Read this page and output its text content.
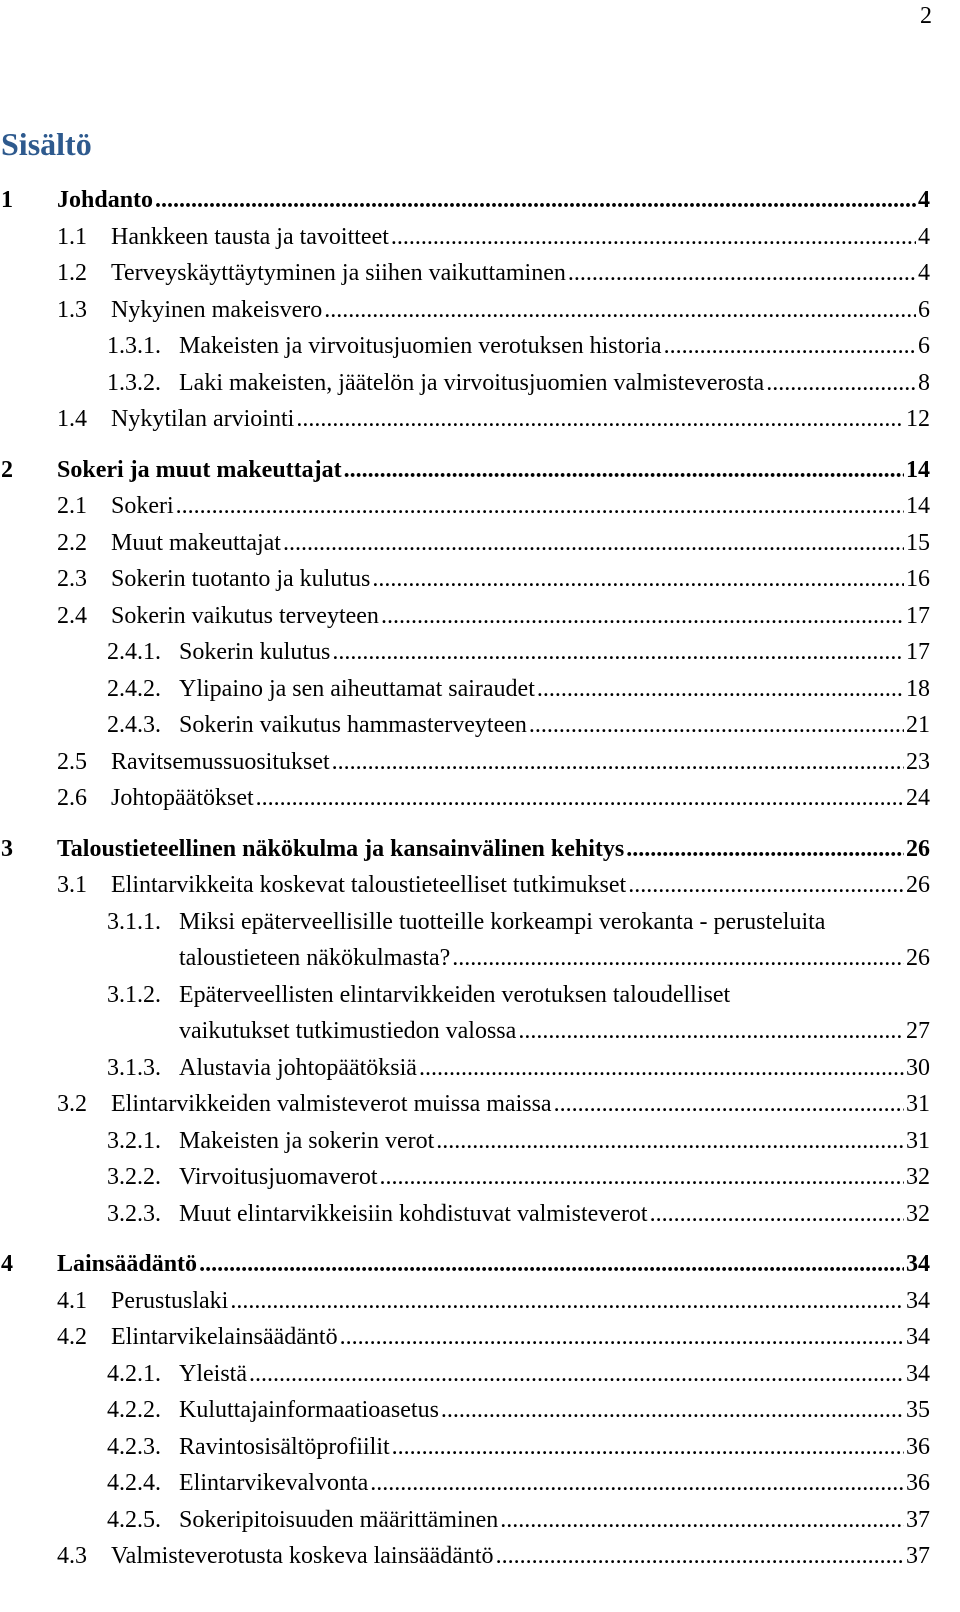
2
Sisältö
1 Johdanto .....	4
1.1 Hankkeen tausta ja tavoitteet .....	4
1.2 Terveyskäyttäytyminen ja siihen vaikuttaminen .....	4
1.3 Nykyinen makeisvero .....	6
1.3.1. Makeisten ja virvoitusjuomien verotuksen historia .....	6
1.3.2. Laki makeisten, jäätelön ja virvoitusjuomien valmisteverosta .....	8
1.4 Nykytilan arviointi .....	12
2 Sokeri ja muut makeuttajat .....	14
2.1 Sokeri .....	14
2.2 Muut makeuttajat .....	15
2.3 Sokerin tuotanto ja kulutus .....	16
2.4 Sokerin vaikutus terveyteen .....	17
2.4.1. Sokerin kulutus .....	17
2.4.2. Ylipaino ja sen aiheuttamat sairaudet .....	18
2.4.3. Sokerin vaikutus hammasterveyteen .....	21
2.5 Ravitsemussuositukset .....	23
2.6 Johtopäätökset .....	24
3 Taloustieteellinen näkökulma ja kansainvälinen kehitys .....	26
3.1 Elintarvikkeita koskevat taloustieteelliset tutkimukset .....	26
3.1.1. Miksi epäterveellisille tuotteille korkeampi verokanta - perusteluita
taloustieteen näkökulmasta? .....	26
3.1.2. Epäterveellisten elintarvikkeiden verotuksen taloudelliset
vaikutukset tutkimustiedon valossa .....	27
3.1.3. Alustavia johtopäätöksiä .....	30
3.2 Elintarvikkeiden valmisteverot muissa maissa .....	31
3.2.1. Makeisten ja sokerin verot .....	31
3.2.2. Virvoitusjuomaverot .....	32
3.2.3. Muut elintarvikkeisiin kohdistuvat valmisteverot .....	32
4 Lainsäädäntö .....	34
4.1 Perustuslaki .....	34
4.2 Elintarvikelainsäädäntö .....	34
4.2.1. Yleistä .....	34
4.2.2. Kuluttajainformaatioasetus .....	35
4.2.3. Ravintosisältöprofiilit .....	36
4.2.4. Elintarvikevalvonta .....	36
4.2.5. Sokeripitoisuuden määrittäminen .....	37
4.3 Valmisteverotusta koskeva lainsäädäntö .....	37
